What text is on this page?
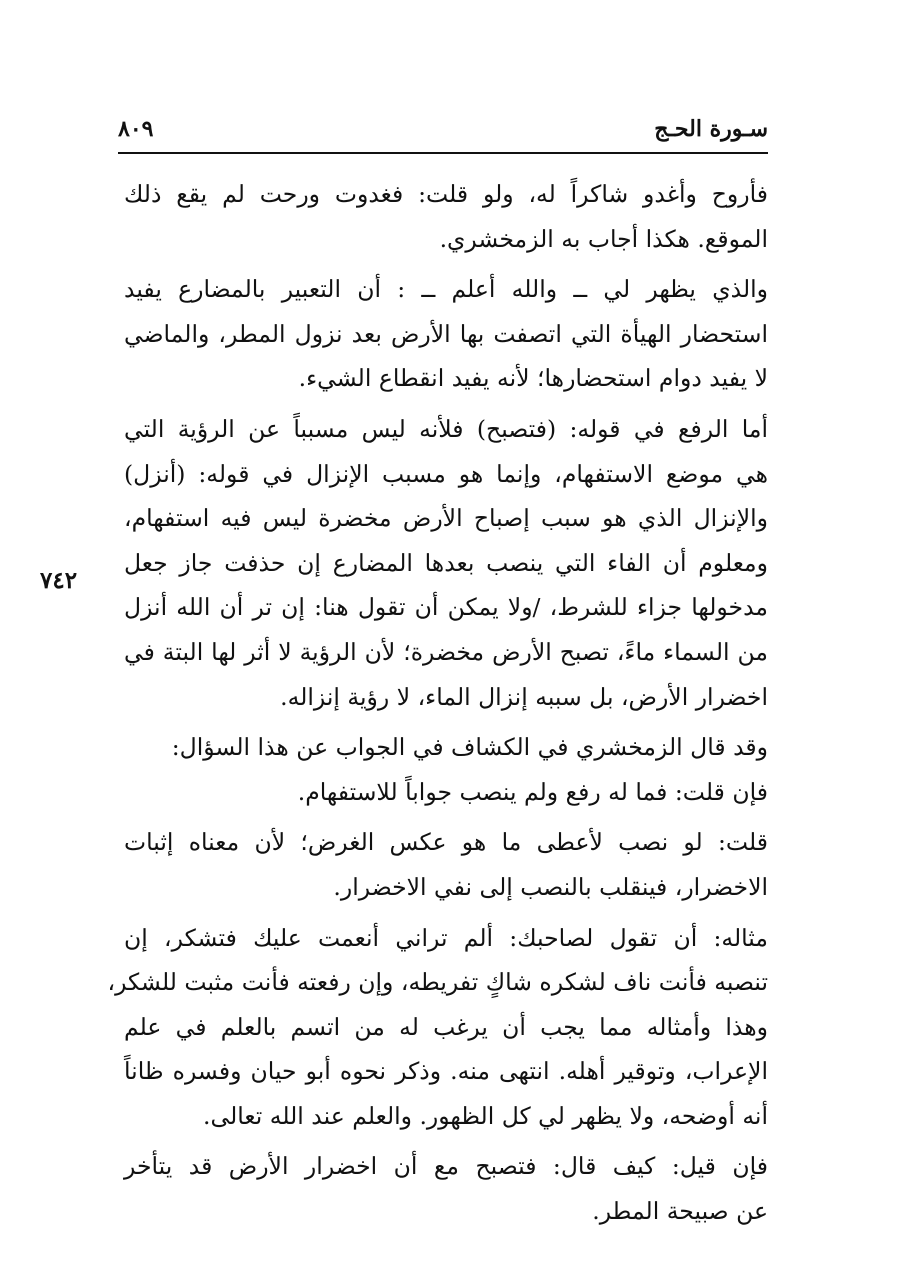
سـورة الحـج
٨٠٩
٧٤٢
فأروح وأغدو شاكراً له، ولو قلت: فغدوت ورحت لم يقع ذلك
الموقع. هكذا أجاب به الزمخشري.
والذي يظهر لي ــ والله أعلم ــ : أن التعبير بالمضارع يفيد
استحضار الهيأة التي اتصفت بها الأرض بعد نزول المطر، والماضي
لا يفيد دوام استحضارها؛ لأنه يفيد انقطاع الشيء.
أما الرفع في قوله: (فتصبح) فلأنه ليس مسبباً عن الرؤية التي
هي موضع الاستفهام، وإنما هو مسبب الإنزال في قوله: (أنزل)
والإنزال الذي هو سبب إصباح الأرض مخضرة ليس فيه استفهام،
ومعلوم أن الفاء التي ينصب بعدها المضارع إن حذفت جاز جعل
مدخولها جزاء للشرط، /ولا يمكن أن تقول هنا: إن تر أن الله أنزل
من السماء ماءً، تصبح الأرض مخضرة؛ لأن الرؤية لا أثر لها البتة في
اخضرار الأرض، بل سببه إنزال الماء، لا رؤية إنزاله.
وقد قال الزمخشري في الكشاف في الجواب عن هذا السؤال:
فإن قلت: فما له رفع ولم ينصب جواباً للاستفهام.
قلت: لو نصب لأعطى ما هو عكس الغرض؛ لأن معناه إثبات
الاخضرار، فينقلب بالنصب إلى نفي الاخضرار.
مثاله: أن تقول لصاحبك: ألم تراني أنعمت عليك فتشكر، إن
تنصبه فأنت ناف لشكره شاكٍ تفريطه، وإن رفعته فأنت مثبت للشكر،
وهذا وأمثاله مما يجب أن يرغب له من اتسم بالعلم في علم
الإعراب، وتوقير أهله. انتهى منه. وذكر نحوه أبو حيان وفسره ظاناً
أنه أوضحه، ولا يظهر لي كل الظهور. والعلم عند الله تعالى.
فإن قيل: كيف قال: فتصبح مع أن اخضرار الأرض قد يتأخر
عن صبيحة المطر.
